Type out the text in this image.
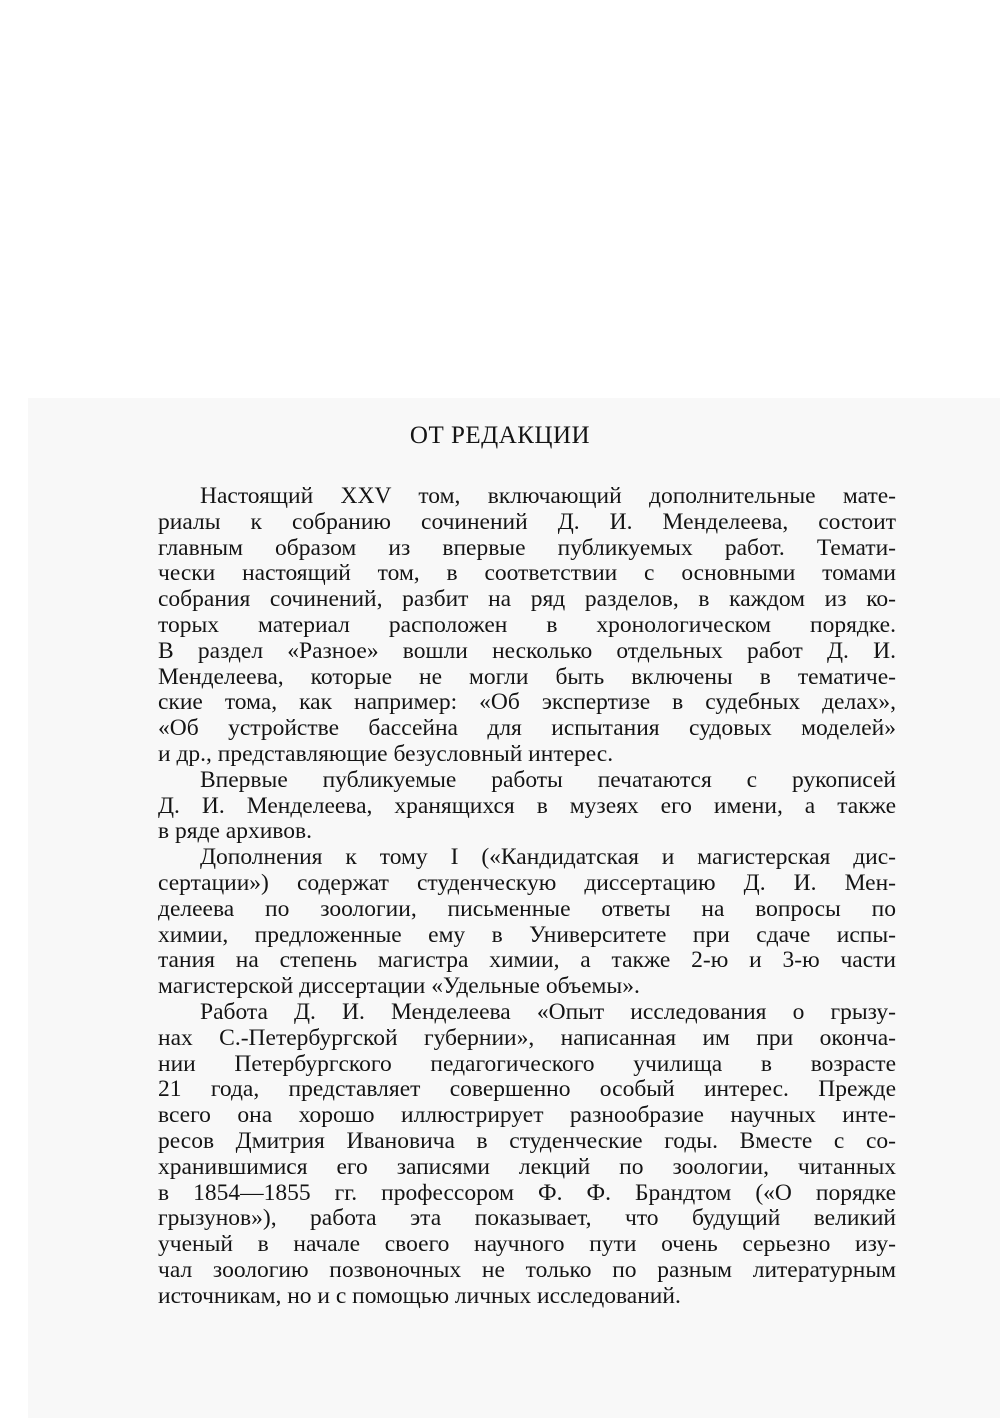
ОТ РЕДАКЦИИ
Настоящий XXV том, включающий дополнительные мате-
риалы к собранию сочинений Д. И. Менделеева, состоит
главным образом из впервые публикуемых работ. Темати-
чески настоящий том, в соответствии с основными томами
собрания сочинений, разбит на ряд разделов, в каждом из ко-
торых материал расположен в хронологическом порядке.
В раздел «Разное» вошли несколько отдельных работ Д. И.
Менделеева, которые не могли быть включены в тематиче-
ские тома, как например: «Об экспертизе в судебных делах»,
«Об устройстве бассейна для испытания судовых моделей»
и др., представляющие безусловный интерес.
Впервые публикуемые работы печатаются с рукописей
Д. И. Менделеева, хранящихся в музеях его имени, а также
в ряде архивов.
Дополнения к тому I («Кандидатская и магистерская дис-
сертации») содержат студенческую диссертацию Д. И. Мен-
делеева по зоологии, письменные ответы на вопросы по
химии, предложенные ему в Университете при сдаче испы-
тания на степень магистра химии, а также 2-ю и 3-ю части
магистерской диссертации «Удельные объемы».
Работа Д. И. Менделеева «Опыт исследования о грызу-
нах С.-Петербургской губернии», написанная им при оконча-
нии Петербургского педагогического училища в возрасте
21 года, представляет совершенно особый интерес. Прежде
всего она хорошо иллюстрирует разнообразие научных инте-
ресов Дмитрия Ивановича в студенческие годы. Вместе с со-
хранившимися его записями лекций по зоологии, читанных
в 1854—1855 гг. профессором Ф. Ф. Брандтом («О порядке
грызунов»), работа эта показывает, что будущий великий
ученый в начале своего научного пути очень серьезно изу-
чал зоологию позвоночных не только по разным литературным
источникам, но и с помощью личных исследований.
